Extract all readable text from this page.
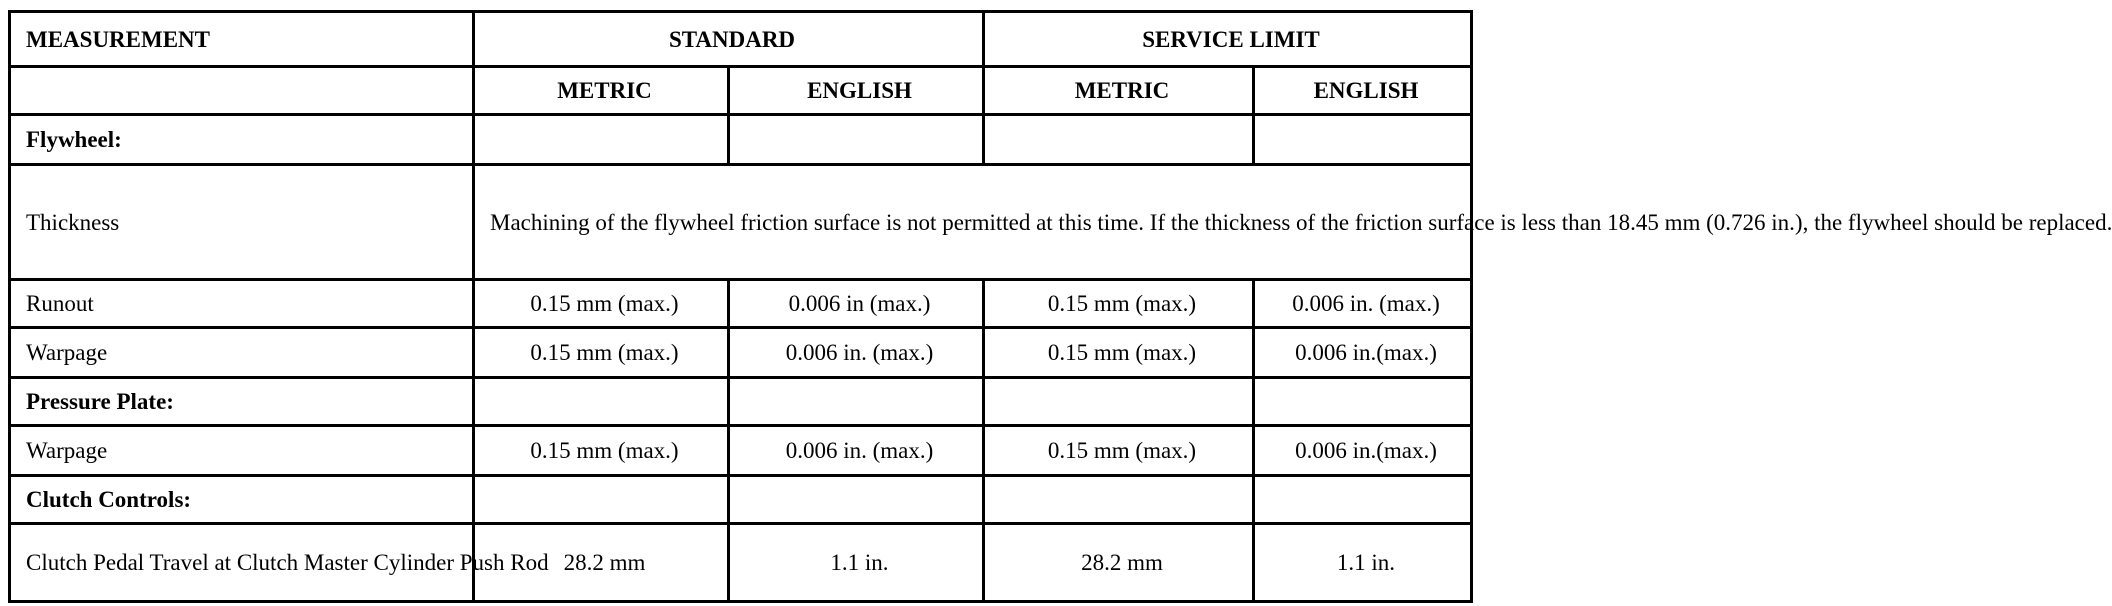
MEASUREMENT	STANDARD		SERVICE LIMIT	
	METRIC	ENGLISH	METRIC	ENGLISH
Flywheel:				
Thickness	Machining of the flywheel friction surface is not permitted at this time. If the thickness of the friction surface is less than 18.45 mm (0.726 in.), the flywheel should be replaced.			
Runout	0.15 mm (max.)	0.006 in (max.)	0.15 mm (max.)	0.006 in. (max.)
Warpage	0.15 mm (max.)	0.006 in. (max.)	0.15 mm (max.)	0.006 in.(max.)
Pressure Plate:				
Warpage	0.15 mm (max.)	0.006 in. (max.)	0.15 mm (max.)	0.006 in.(max.)
Clutch Controls:				
Clutch Pedal Travel at Clutch Master Cylinder Push Rod	28.2 mm	1.1 in.	28.2 mm	1.1 in.
